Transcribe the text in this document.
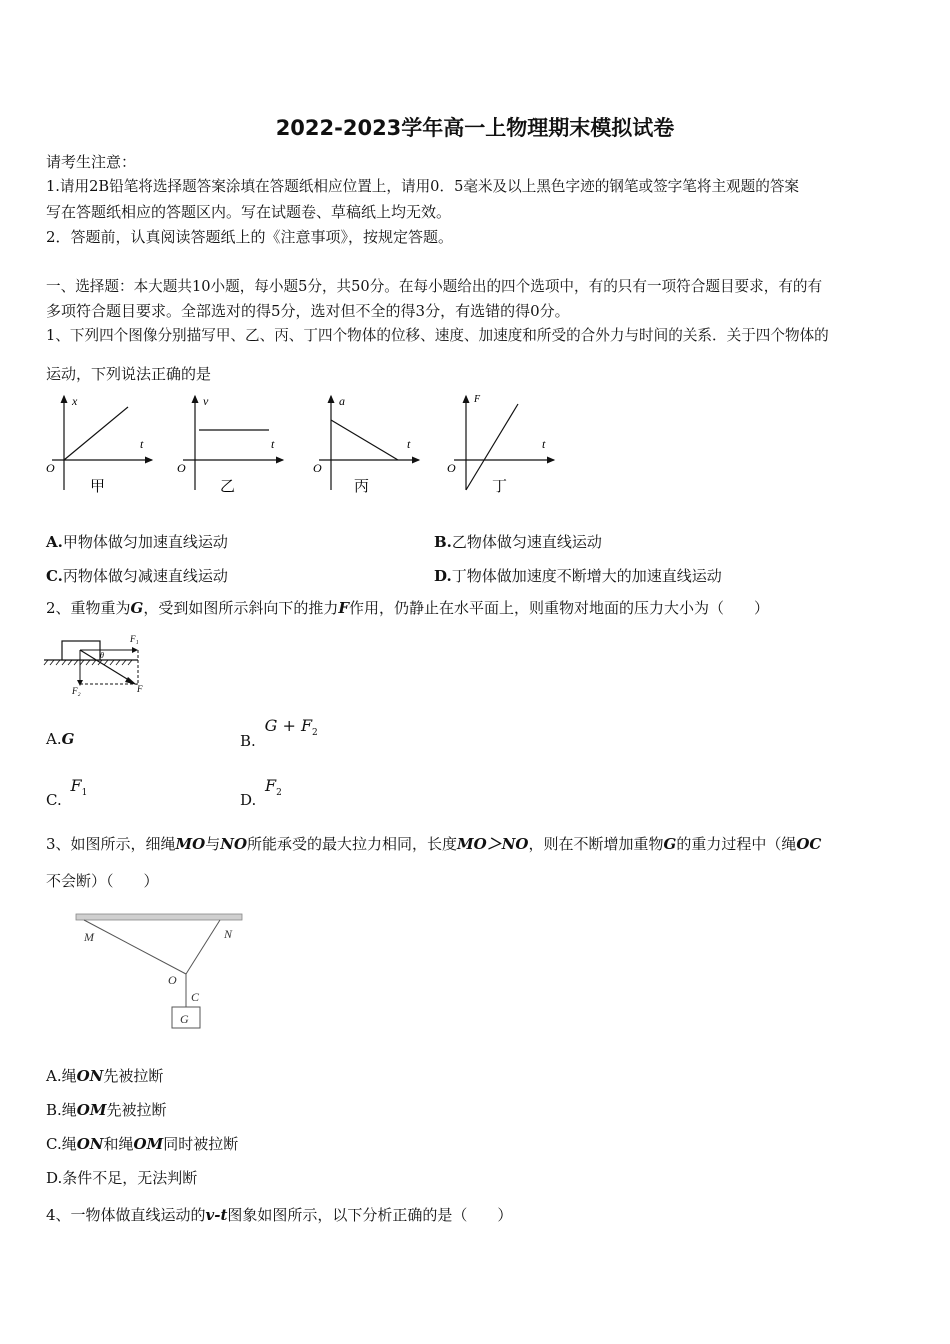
2022-2023学年高一上物理期末模拟试卷
请考生注意：
1.请用2B铅笔将选择题答案涂填在答题纸相应位置上，请用0．5毫米及以上黑色字迹的钢笔或签字笔将主观题的答案
写在答题纸相应的答题区内。写在试题卷、草稿纸上均无效。
2．答题前，认真阅读答题纸上的《注意事项》，按规定答题。
一、选择题：本大题共10小题，每小题5分，共50分。在每小题给出的四个选项中，有的只有一项符合题目要求，有的有
多项符合题目要求。全部选对的得5分，选对但不全的得3分，有选错的得0分。
1、下列四个图像分别描写甲、乙、丙、丁四个物体的位移、速度、加速度和所受的合外力与时间的关系．关于四个物体的
运动，下列说法正确的是
x
t
O
甲
v
t
O
乙
a
t
O
丙
F
t
O
丁
A.甲物体做匀加速直线运动	B.乙物体做匀速直线运动
C.丙物体做匀减速直线运动	D.丁物体做加速度不断增大的加速直线运动
2、重物重为G，受到如图所示斜向下的推力F作用，仍静止在水平面上，则重物对地面的压力大小为（　　）
F₁
F₂	F
θ
A.G	B. $G + F_2$
C. $F_1$	D. $F_2$
3、如图所示，细绳MO与NO所能承受的最大拉力相同，长度MO＞NO，则在不断增加重物G的重力过程中（绳OC
不会断）（　　）
M	N
O
C
G
A.绳ON先被拉断
B.绳OM先被拉断
C.绳ON和绳OM同时被拉断
D.条件不足，无法判断
4、一物体做直线运动的v-t图象如图所示，以下分析正确的是（　　）
